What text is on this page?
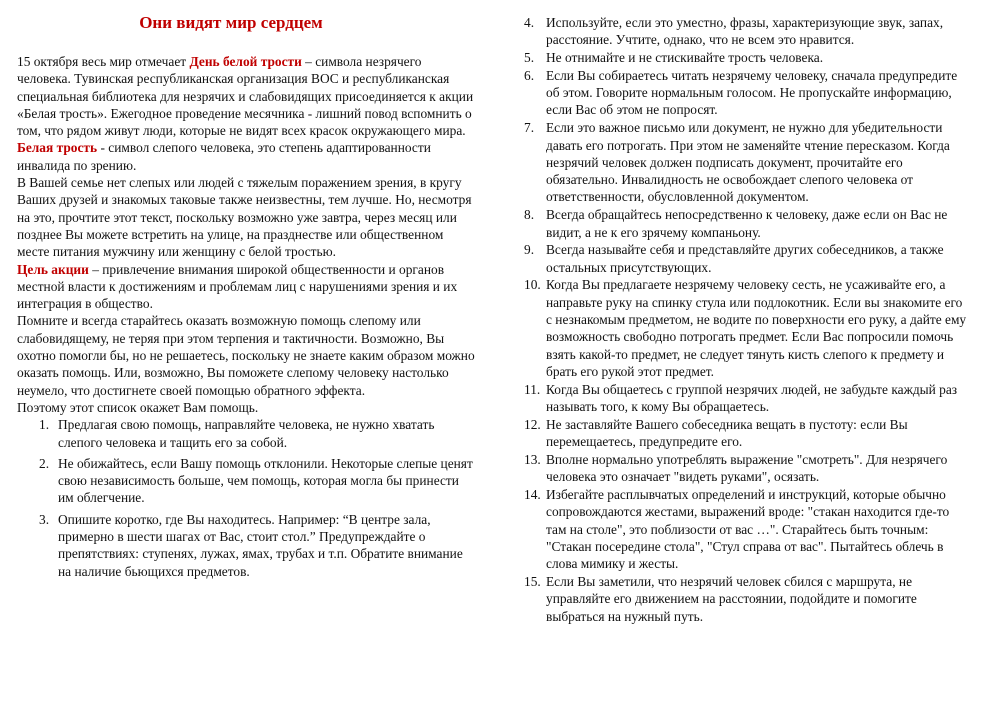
Они видят мир сердцем

15 октября весь мир отмечает День белой трости – символа незрячего человека. Тувинская республиканская организация ВОС и республиканская специальная библиотека для незрячих и слабовидящих присоединяется к акции «Белая трость». Ежегодное проведение месячника - лишний повод вспомнить о том, что рядом живут люди, которые не видят всех красок окружающего мира.

Белая трость - символ слепого человека, это степень адаптированности инвалида по зрению.

В Вашей семье нет слепых или людей с тяжелым поражением зрения, в кругу Ваших друзей и знакомых таковые также неизвестны, тем лучше. Но, несмотря на это, прочтите этот текст, поскольку возможно уже завтра, через месяц или позднее Вы можете встретить на улице, на празднестве или общественном месте питания мужчину или женщину с белой тростью.

Цель акции – привлечение внимания широкой общественности и органов местной власти к достижениям и проблемам лиц с нарушениями зрения и их интеграция в общество.

Помните и всегда старайтесь оказать возможную помощь слепому или слабовидящему, не теряя при этом терпения и тактичности. Возможно, Вы охотно помогли бы, но не решаетесь, поскольку не знаете каким образом можно оказать помощь. Или, возможно, Вы поможете слепому человеку настолько неумело, что достигнете своей помощью обратного эффекта.

Поэтому этот список окажет Вам помощь.

1. Предлагая свою помощь, направляйте человека, не нужно хватать слепого человека и тащить его за собой.
2. Не обижайтесь, если Вашу помощь отклонили. Некоторые слепые ценят свою независимость больше, чем помощь, которая могла бы принести им облегчение.
3. Опишите коротко, где Вы находитесь. Например: “В центре зала, примерно в шести шагах от Вас, стоит стол.” Предупреждайте о препятствиях: ступенях, лужах, ямах, трубах и т.п. Обратите внимание на наличие бьющихся предметов.
4. Используйте, если это уместно, фразы, характеризующие звук, запах, расстояние. Учтите, однако, что не всем это нравится.
5. Не отнимайте и не стискивайте трость человека.
6. Если Вы собираетесь читать незрячему человеку, сначала предупредите об этом. Говорите нормальным голосом. Не пропускайте информацию, если Вас об этом не попросят.
7. Если это важное письмо или документ, не нужно для убедительности давать его потрогать. При этом не заменяйте чтение пересказом. Когда незрячий человек должен подписать документ, прочитайте его обязательно. Инвалидность не освобождает слепого человека от ответственности, обусловленной документом.
8. Всегда обращайтесь непосредственно к человеку, даже если он Вас не видит, а не к его зрячему компаньону.
9. Всегда называйте себя и представляйте других собеседников, а также остальных присутствующих.
10. Когда Вы предлагаете незрячему человеку сесть, не усаживайте его, а направьте руку на спинку стула или подлокотник. Если вы знакомите его с незнакомым предметом, не водите по поверхности его руку, а дайте ему возможность свободно потрогать предмет. Если Вас попросили помочь взять какой-то предмет, не следует тянуть кисть слепого к предмету и брать его рукой этот предмет.
11. Когда Вы общаетесь с группой незрячих людей, не забудьте каждый раз называть того, к кому Вы обращаетесь.
12. Не заставляйте Вашего собеседника вещать в пустоту: если Вы перемещаетесь, предупредите его.
13. Вполне нормально употреблять выражение "смотреть". Для незрячего человека это означает "видеть руками", осязать.
14. Избегайте расплывчатых определений и инструкций, которые обычно сопровождаются жестами, выражений вроде: "стакан находится где-то там на столе", это поблизости от вас …". Старайтесь быть точным: "Стакан посередине стола", "Стул справа от вас". Пытайтесь облечь в слова мимику и жесты.
15. Если Вы заметили, что незрячий человек сбился с маршрута, не управляйте его движением на расстоянии, подойдите и помогите выбраться на нужный путь.
